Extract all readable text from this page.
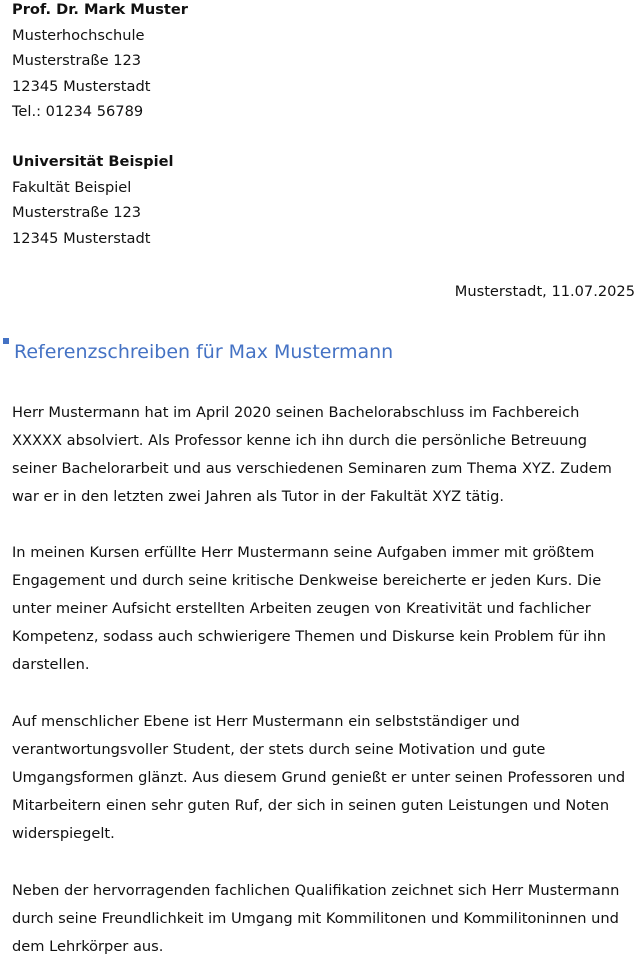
Prof. Dr. Mark Muster
Musterhochschule
Musterstraße 123
12345 Musterstadt
Tel.: 01234 56789
Universität Beispiel
Fakultät Beispiel
Musterstraße 123
12345 Musterstadt
Musterstadt, 11.07.2025
Referenzschreiben für Max Mustermann

Herr Mustermann hat im April 2020 seinen Bachelorabschluss im Fachbereich
XXXXX absolviert. Als Professor kenne ich ihn durch die persönliche Betreuung
seiner Bachelorarbeit und aus verschiedenen Seminaren zum Thema XYZ. Zudem
war er in den letzten zwei Jahren als Tutor in der Fakultät XYZ tätig.

In meinen Kursen erfüllte Herr Mustermann seine Aufgaben immer mit größtem
Engagement und durch seine kritische Denkweise bereicherte er jeden Kurs. Die
unter meiner Aufsicht erstellten Arbeiten zeugen von Kreativität und fachlicher
Kompetenz, sodass auch schwierigere Themen und Diskurse kein Problem für ihn
darstellen.

Auf menschlicher Ebene ist Herr Mustermann ein selbstständiger und
verantwortungsvoller Student, der stets durch seine Motivation und gute
Umgangsformen glänzt. Aus diesem Grund genießt er unter seinen Professoren und
Mitarbeitern einen sehr guten Ruf, der sich in seinen guten Leistungen und Noten
widerspiegelt.

Neben der hervorragenden fachlichen Qualifikation zeichnet sich Herr Mustermann
durch seine Freundlichkeit im Umgang mit Kommilitonen und Kommilitoninnen und
dem Lehrkörper aus.
